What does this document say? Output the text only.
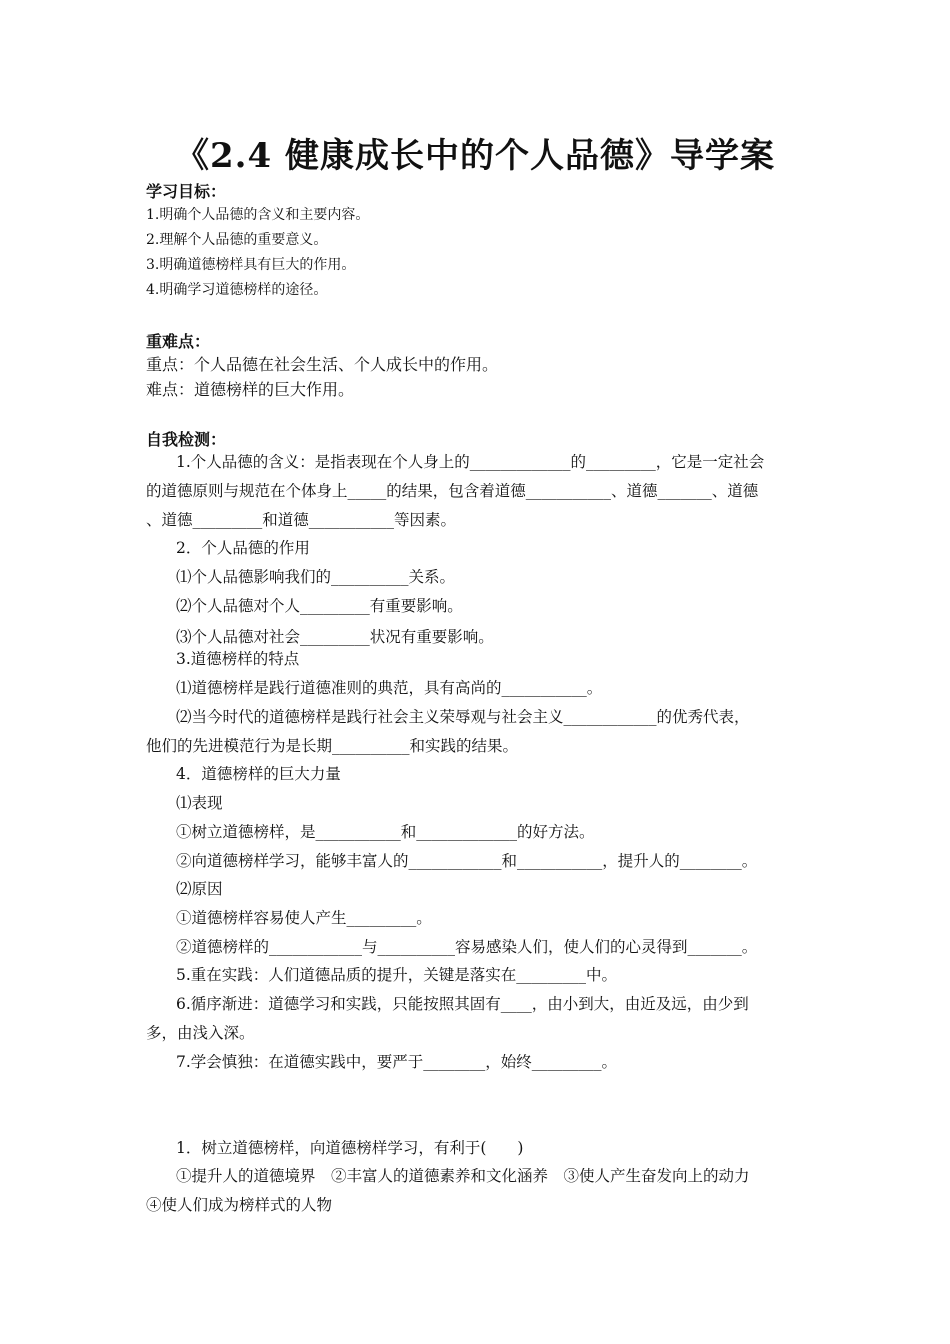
《2.4 健康成长中的个人品德》导学案
学习目标：
1.明确个人品德的含义和主要内容。
2.理解个人品德的重要意义。
3.明确道德榜样具有巨大的作用。
4.明确学习道德榜样的途径。
重难点：
重点：个人品德在社会生活、个人成长中的作用。
难点：道德榜样的巨大作用。
自我检测：
1.个人品德的含义：是指表现在个人身上的_____________的_________，它是一定社会
的道德原则与规范在个体身上_____的结果，包含着道德___________、道德_______、道德
、道德_________和道德___________等因素。
2．个人品德的作用
⑴个人品德影响我们的__________关系。
⑵个人品德对个人_________有重要影响。
⑶个人品德对社会_________状况有重要影响。
3.道德榜样的特点
⑴道德榜样是践行道德准则的典范，具有高尚的___________。
⑵当今时代的道德榜样是践行社会主义荣辱观与社会主义____________的优秀代表，
他们的先进模范行为是长期__________和实践的结果。
4．道德榜样的巨大力量
⑴表现
①树立道德榜样，是___________和_____________的好方法。
②向道德榜样学习，能够丰富人的____________和___________，提升人的________。
⑵原因
①道德榜样容易使人产生_________。
②道德榜样的____________与__________容易感染人们，使人们的心灵得到_______。
5.重在实践：人们道德品质的提升，关键是落实在_________中。
6.循序渐进：道德学习和实践，只能按照其固有____，由小到大，由近及远，由少到
多，由浅入深。
7.学会慎独：在道德实践中，要严于________，始终_________。
1．树立道德榜样，向道德榜样学习，有利于(　　)
①提升人的道德境界　②丰富人的道德素养和文化涵养　③使人产生奋发向上的动力
④使人们成为榜样式的人物
